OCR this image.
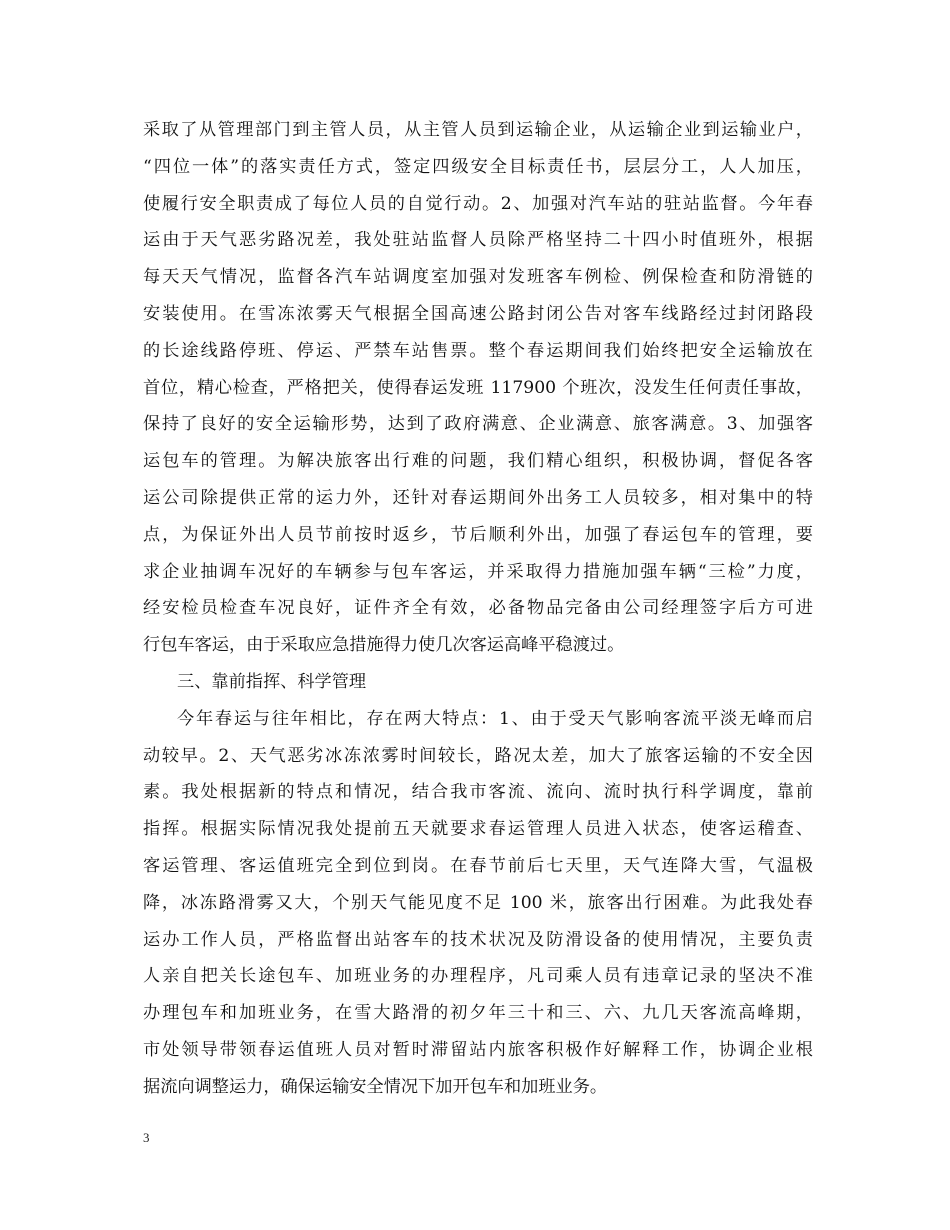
采取了从管理部门到主管人员，从主管人员到运输企业，从运输企业到运输业户，
“四位一体”的落实责任方式，签定四级安全目标责任书，层层分工，人人加压，
使履行安全职责成了每位人员的自觉行动。2、加强对汽车站的驻站监督。今年春
运由于天气恶劣路况差，我处驻站监督人员除严格坚持二十四小时值班外，根据
每天天气情况，监督各汽车站调度室加强对发班客车例检、例保检查和防滑链的
安装使用。在雪冻浓雾天气根据全国高速公路封闭公告对客车线路经过封闭路段
的长途线路停班、停运、严禁车站售票。整个春运期间我们始终把安全运输放在
首位，精心检查，严格把关，使得春运发班 117900 个班次，没发生任何责任事故，
保持了良好的安全运输形势，达到了政府满意、企业满意、旅客满意。3、加强客
运包车的管理。为解决旅客出行难的问题，我们精心组织，积极协调，督促各客
运公司除提供正常的运力外，还针对春运期间外出务工人员较多，相对集中的特
点，为保证外出人员节前按时返乡，节后顺利外出，加强了春运包车的管理，要
求企业抽调车况好的车辆参与包车客运，并采取得力措施加强车辆“三检”力度，
经安检员检查车况良好，证件齐全有效，必备物品完备由公司经理签字后方可进
行包车客运，由于采取应急措施得力使几次客运高峰平稳渡过。
三、靠前指挥、科学管理
今年春运与往年相比，存在两大特点：1、由于受天气影响客流平淡无峰而启
动较早。2、天气恶劣冰冻浓雾时间较长，路况太差，加大了旅客运输的不安全因
素。我处根据新的特点和情况，结合我市客流、流向、流时执行科学调度，靠前
指挥。根据实际情况我处提前五天就要求春运管理人员进入状态，使客运稽查、
客运管理、客运值班完全到位到岗。在春节前后七天里，天气连降大雪，气温极
降，冰冻路滑雾又大，个别天气能见度不足 100 米，旅客出行困难。为此我处春
运办工作人员，严格监督出站客车的技术状况及防滑设备的使用情况，主要负责
人亲自把关长途包车、加班业务的办理程序，凡司乘人员有违章记录的坚决不准
办理包车和加班业务，在雪大路滑的初夕年三十和三、六、九几天客流高峰期，
市处领导带领春运值班人员对暂时滞留站内旅客积极作好解释工作，协调企业根
据流向调整运力，确保运输安全情况下加开包车和加班业务。
3
